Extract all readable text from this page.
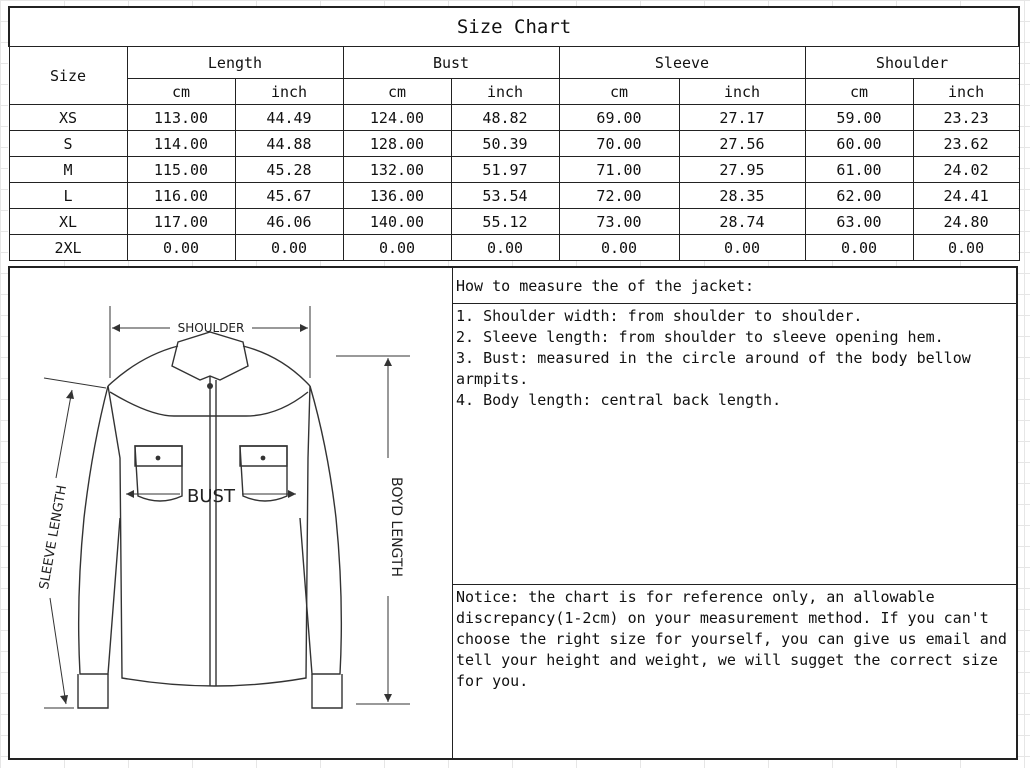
Size Chart								
Size	Length		Bust		Sleeve		Shoulder	
	cm	inch	cm	inch	cm	inch	cm	inch
XS	113.00	44.49	124.00	48.82	69.00	27.17	59.00	23.23
S	114.00	44.88	128.00	50.39	70.00	27.56	60.00	23.62
M	115.00	45.28	132.00	51.97	71.00	27.95	61.00	24.02
L	116.00	45.67	136.00	53.54	72.00	28.35	62.00	24.41
XL	117.00	46.06	140.00	55.12	73.00	28.74	63.00	24.80
2XL	0.00	0.00	0.00	0.00	0.00	0.00	0.00	0.00
SHOULDER
BUST	BOYD LENGTH
SLEEVE LENGTH
How to measure the of the jacket:

1. Shoulder width: from shoulder to shoulder.

2. Sleeve length: from shoulder to sleeve opening hem.

3. Bust: measured in the circle around of the body bellow armpits.

4. Body length: central back length.

Notice: the chart is for reference only, an allowable discrepancy(1-2cm) on your measurement method. If you can't choose the right size for yourself, you can give us email and tell your height and weight, we will sugget the correct size for you.
